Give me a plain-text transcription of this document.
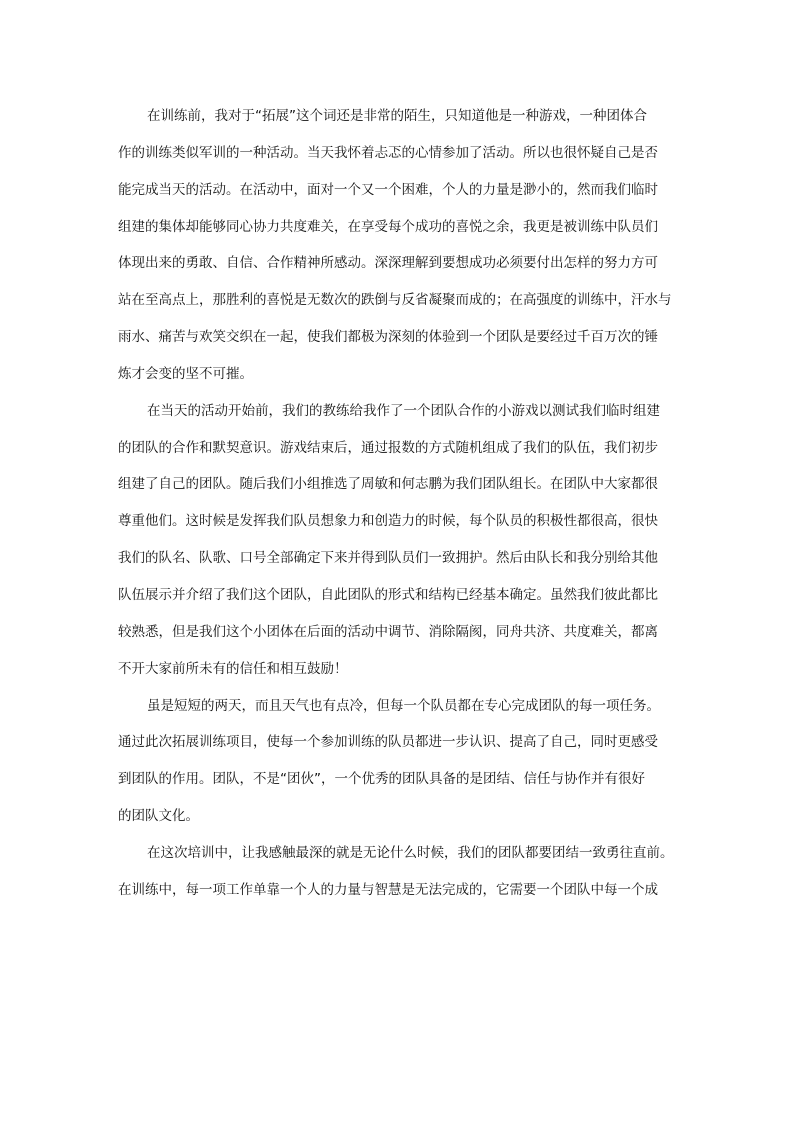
在训练前，我对于“拓展”这个词还是非常的陌生，只知道他是一种游戏，一种团体合
作的训练类似军训的一种活动。当天我怀着忐忑的心情参加了活动。所以也很怀疑自己是否
能完成当天的活动。在活动中，面对一个又一个困难，个人的力量是渺小的，然而我们临时
组建的集体却能够同心协力共度难关，在享受每个成功的喜悦之余，我更是被训练中队员们
体现出来的勇敢、自信、合作精神所感动。深深理解到要想成功必须要付出怎样的努力方可
站在至高点上，那胜利的喜悦是无数次的跌倒与反省凝聚而成的；在高强度的训练中，汗水与
雨水、痛苦与欢笑交织在一起，使我们都极为深刻的体验到一个团队是要经过千百万次的锤
炼才会变的坚不可摧。
在当天的活动开始前，我们的教练给我作了一个团队合作的小游戏以测试我们临时组建
的团队的合作和默契意识。游戏结束后，通过报数的方式随机组成了我们的队伍，我们初步
组建了自己的团队。随后我们小组推选了周敏和何志鹏为我们团队组长。在团队中大家都很
尊重他们。这时候是发挥我们队员想象力和创造力的时候，每个队员的积极性都很高，很快
我们的队名、队歌、口号全部确定下来并得到队员们一致拥护。然后由队长和我分别给其他
队伍展示并介绍了我们这个团队，自此团队的形式和结构已经基本确定。虽然我们彼此都比
较熟悉，但是我们这个小团体在后面的活动中调节、消除隔阂，同舟共济、共度难关，都离
不开大家前所未有的信任和相互鼓励！
虽是短短的两天，而且天气也有点冷，但每一个队员都在专心完成团队的每一项任务。
通过此次拓展训练项目，使每一个参加训练的队员都进一步认识、提高了自己，同时更感受
到团队的作用。团队，不是“团伙”，一个优秀的团队具备的是团结、信任与协作并有很好
的团队文化。
在这次培训中，让我感触最深的就是无论什么时候，我们的团队都要团结一致勇往直前。
在训练中，每一项工作单靠一个人的力量与智慧是无法完成的，它需要一个团队中每一个成
